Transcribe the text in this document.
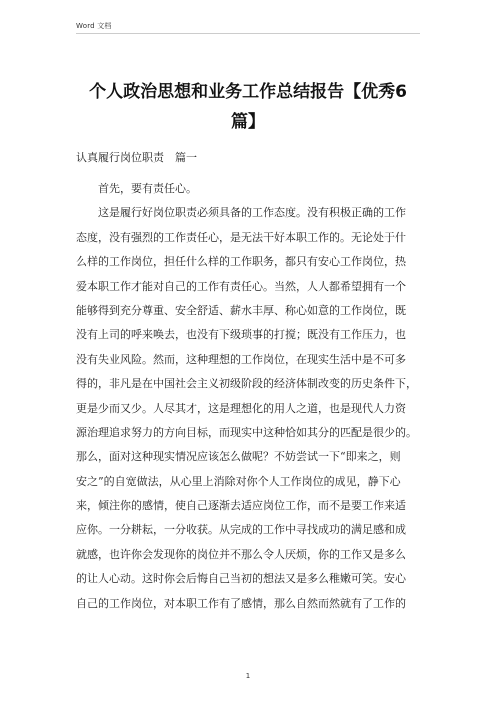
Word 文档
个人政治思想和业务工作总结报告【优秀6
篇】
认真履行岗位职责　篇一
首先，要有责任心。
这是履行好岗位职责必须具备的工作态度。没有积极正确的工作
态度，没有强烈的工作责任心，是无法干好本职工作的。无论处于什
么样的工作岗位，担任什么样的工作职务，都只有安心工作岗位，热
爱本职工作才能对自己的工作有责任心。当然，人人都希望拥有一个
能够得到充分尊重、安全舒适、薪水丰厚、称心如意的工作岗位，既
没有上司的呼来唤去，也没有下级琐事的打搅；既没有工作压力，也
没有失业风险。然而，这种理想的工作岗位，在现实生活中是不可多
得的，非凡是在中国社会主义初级阶段的经济体制改变的历史条件下，
更是少而又少。人尽其才，这是理想化的用人之道，也是现代人力资
源治理追求努力的方向目标，而现实中这种恰如其分的匹配是很少的。
那么，面对这种现实情况应该怎么做呢？不妨尝试一下“即来之，则
安之”的自宽做法，从心里上消除对你个人工作岗位的成见，静下心
来，倾注你的感情，使自己逐渐去适应岗位工作，而不是要工作来适
应你。一分耕耘，一分收获。从完成的工作中寻找成功的满足感和成
就感，也许你会发现你的岗位并不那么令人厌烦，你的工作又是多么
的让人心动。这时你会后悔自己当初的想法又是多么稚嫩可笑。安心
自己的工作岗位，对本职工作有了感情，那么自然而然就有了工作的
1
